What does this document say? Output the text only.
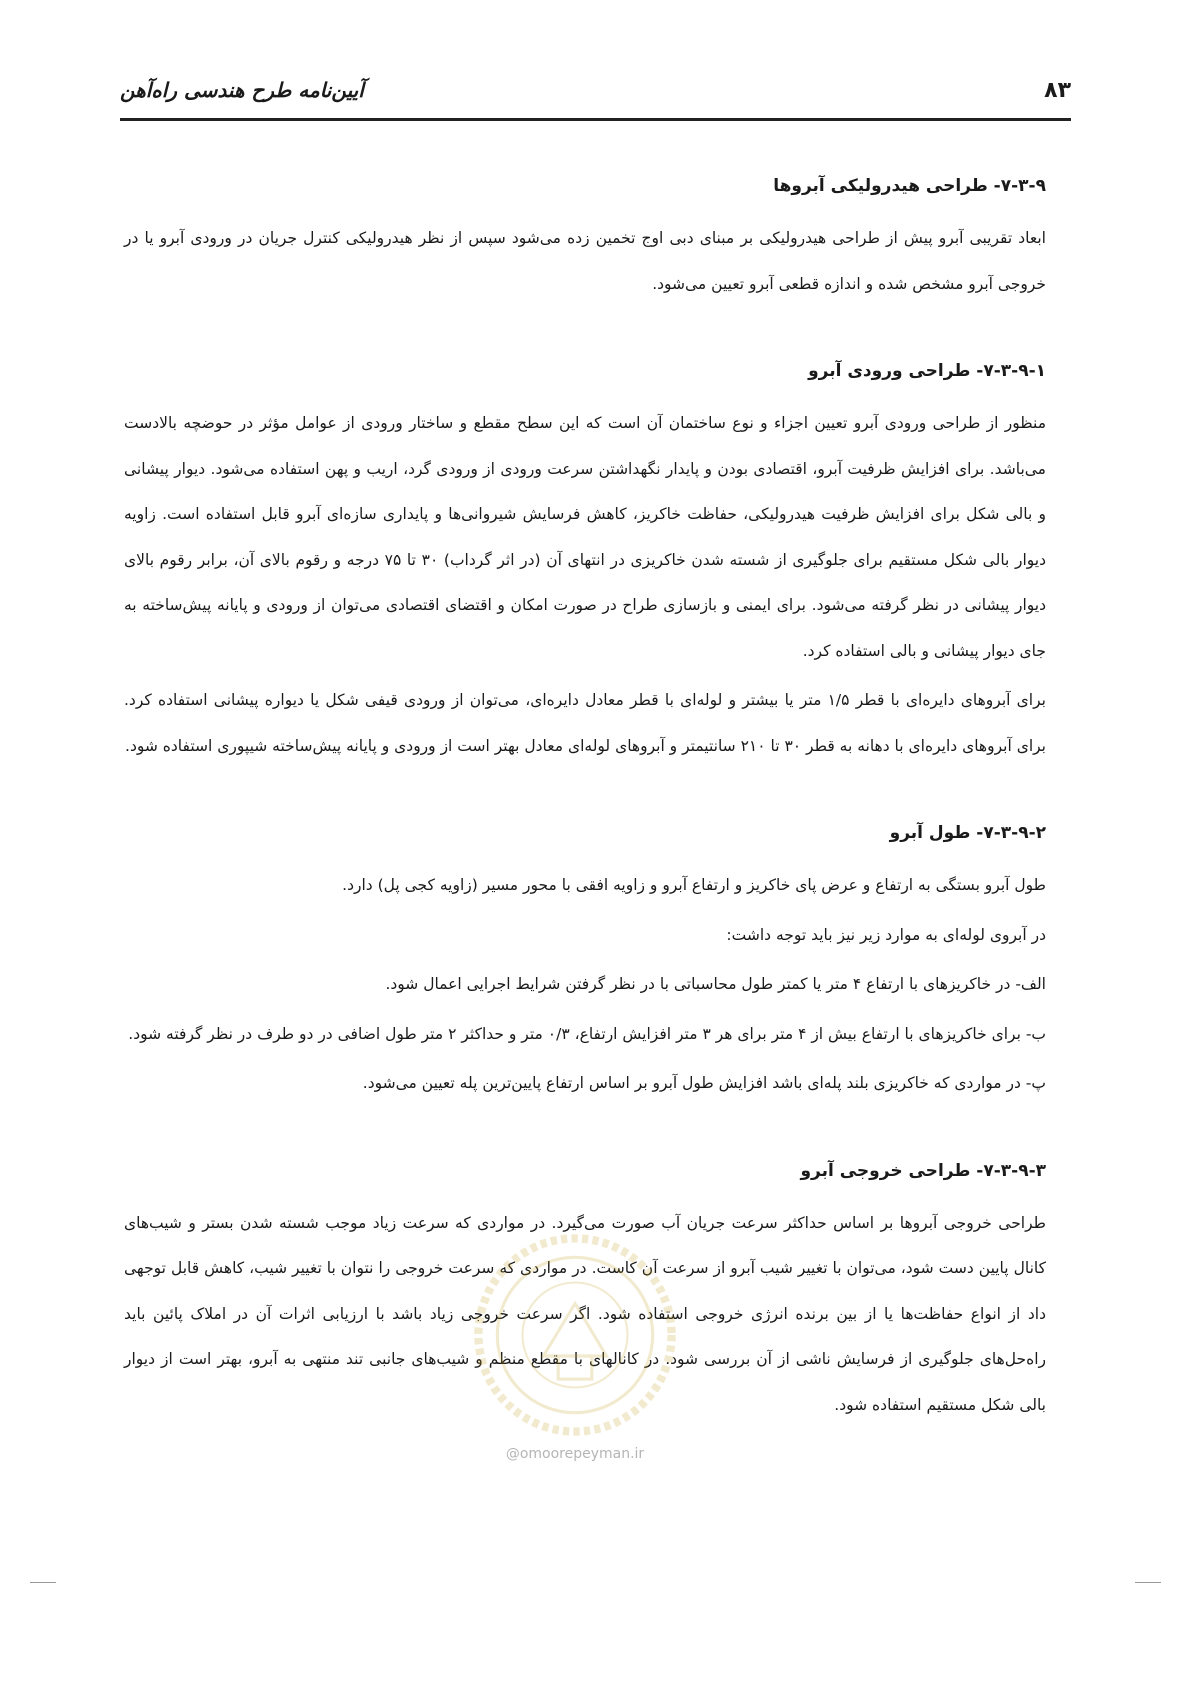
۸۳
آیین‌نامه طرح هندسی راه‌آهن
۷-۳-۹- طراحی هیدرولیکی آبروها

ابعاد تقریبی آبرو پیش از طراحی هیدرولیکی بر مبنای دبی اوج تخمین زده می‌شود سپس از نظر هیدرولیکی کنترل جریان در ورودی آبرو یا در خروجی آبرو مشخص شده و اندازه قطعی آبرو تعیین می‌شود.

۷-۳-۹-۱- طراحی ورودی آبرو

منظور از طراحی ورودی آبرو تعیین اجزاء و نوع ساختمان آن است که این سطح مقطع و ساختار ورودی از عوامل مؤثر در حوضچه بالادست می‌باشد. برای افزایش ظرفیت آبرو، اقتصادی بودن و پایدار نگهداشتن سرعت ورودی از ورودی گرد، اریب و پهن استفاده می‌شود. دیوار پیشانی و بالی شکل برای افزایش ظرفیت هیدرولیکی، حفاظت خاکریز، کاهش فرسایش شیروانی‌ها و پایداری سازه‌ای آبرو قابل استفاده است. زاویه دیوار بالی شکل مستقیم برای جلوگیری از شسته شدن خاکریزی در انتهای آن (در اثر گرداب) ۳۰ تا ۷۵ درجه و رقوم بالای آن، برابر رقوم بالای دیوار پیشانی در نظر گرفته می‌شود. برای ایمنی و بازسازی طراح در صورت امکان و اقتضای اقتصادی می‌توان از ورودی و پایانه پیش‌ساخته به جای دیوار پیشانی و بالی استفاده کرد.

برای آبروهای دایره‌ای با قطر ۱/۵ متر یا بیشتر و لوله‌ای با قطر معادل دایره‌ای، می‌توان از ورودی قیفی شکل یا دیواره پیشانی استفاده کرد. برای آبروهای دایره‌ای با دهانه به قطر ۳۰ تا ۲۱۰ سانتیمتر و آبروهای لوله‌ای معادل بهتر است از ورودی و پایانه پیش‌ساخته شیپوری استفاده شود.

۷-۳-۹-۲- طول آبرو

طول آبرو بستگی به ارتفاع و عرض پای خاکریز و ارتفاع آبرو و زاویه افقی با محور مسیر (زاویه کجی پل) دارد.

در آبروی لوله‌ای به موارد زیر نیز باید توجه داشت:

الف- در خاکریزهای با ارتفاع ۴ متر یا کمتر طول محاسباتی با در نظر گرفتن شرایط اجرایی اعمال شود.

ب- برای خاکریزهای با ارتفاع بیش از ۴ متر برای هر ۳ متر افزایش ارتفاع، ۰/۳ متر و حداکثر ۲ متر طول اضافی در دو طرف در نظر گرفته شود.

پ- در مواردی که خاکریزی بلند پله‌ای باشد افزایش طول آبرو بر اساس ارتفاع پایین‌ترین پله تعیین می‌شود.

۷-۳-۹-۳- طراحی خروجی آبرو

طراحی خروجی آبروها بر اساس حداکثر سرعت جریان آب صورت می‌گیرد. در مواردی که سرعت زیاد موجب شسته شدن بستر و شیب‌های کانال پایین دست شود، می‌توان با تغییر شیب آبرو از سرعت آن کاست. در مواردی که سرعت خروجی را نتوان با تغییر شیب، کاهش قابل توجهی داد از انواع حفاظت‌ها یا از بین برنده انرژی خروجی استفاده شود. اگر سرعت خروجی زیاد باشد با ارزیابی اثرات آن در املاک پائین باید راه‌حل‌های جلوگیری از فرسایش ناشی از آن بررسی شود. در کانالهای با مقطع منظم و شیب‌های جانبی تند منتهی به آبرو، بهتر است از دیوار بالی شکل مستقیم استفاده شود.

@omoorepeyman.ir
